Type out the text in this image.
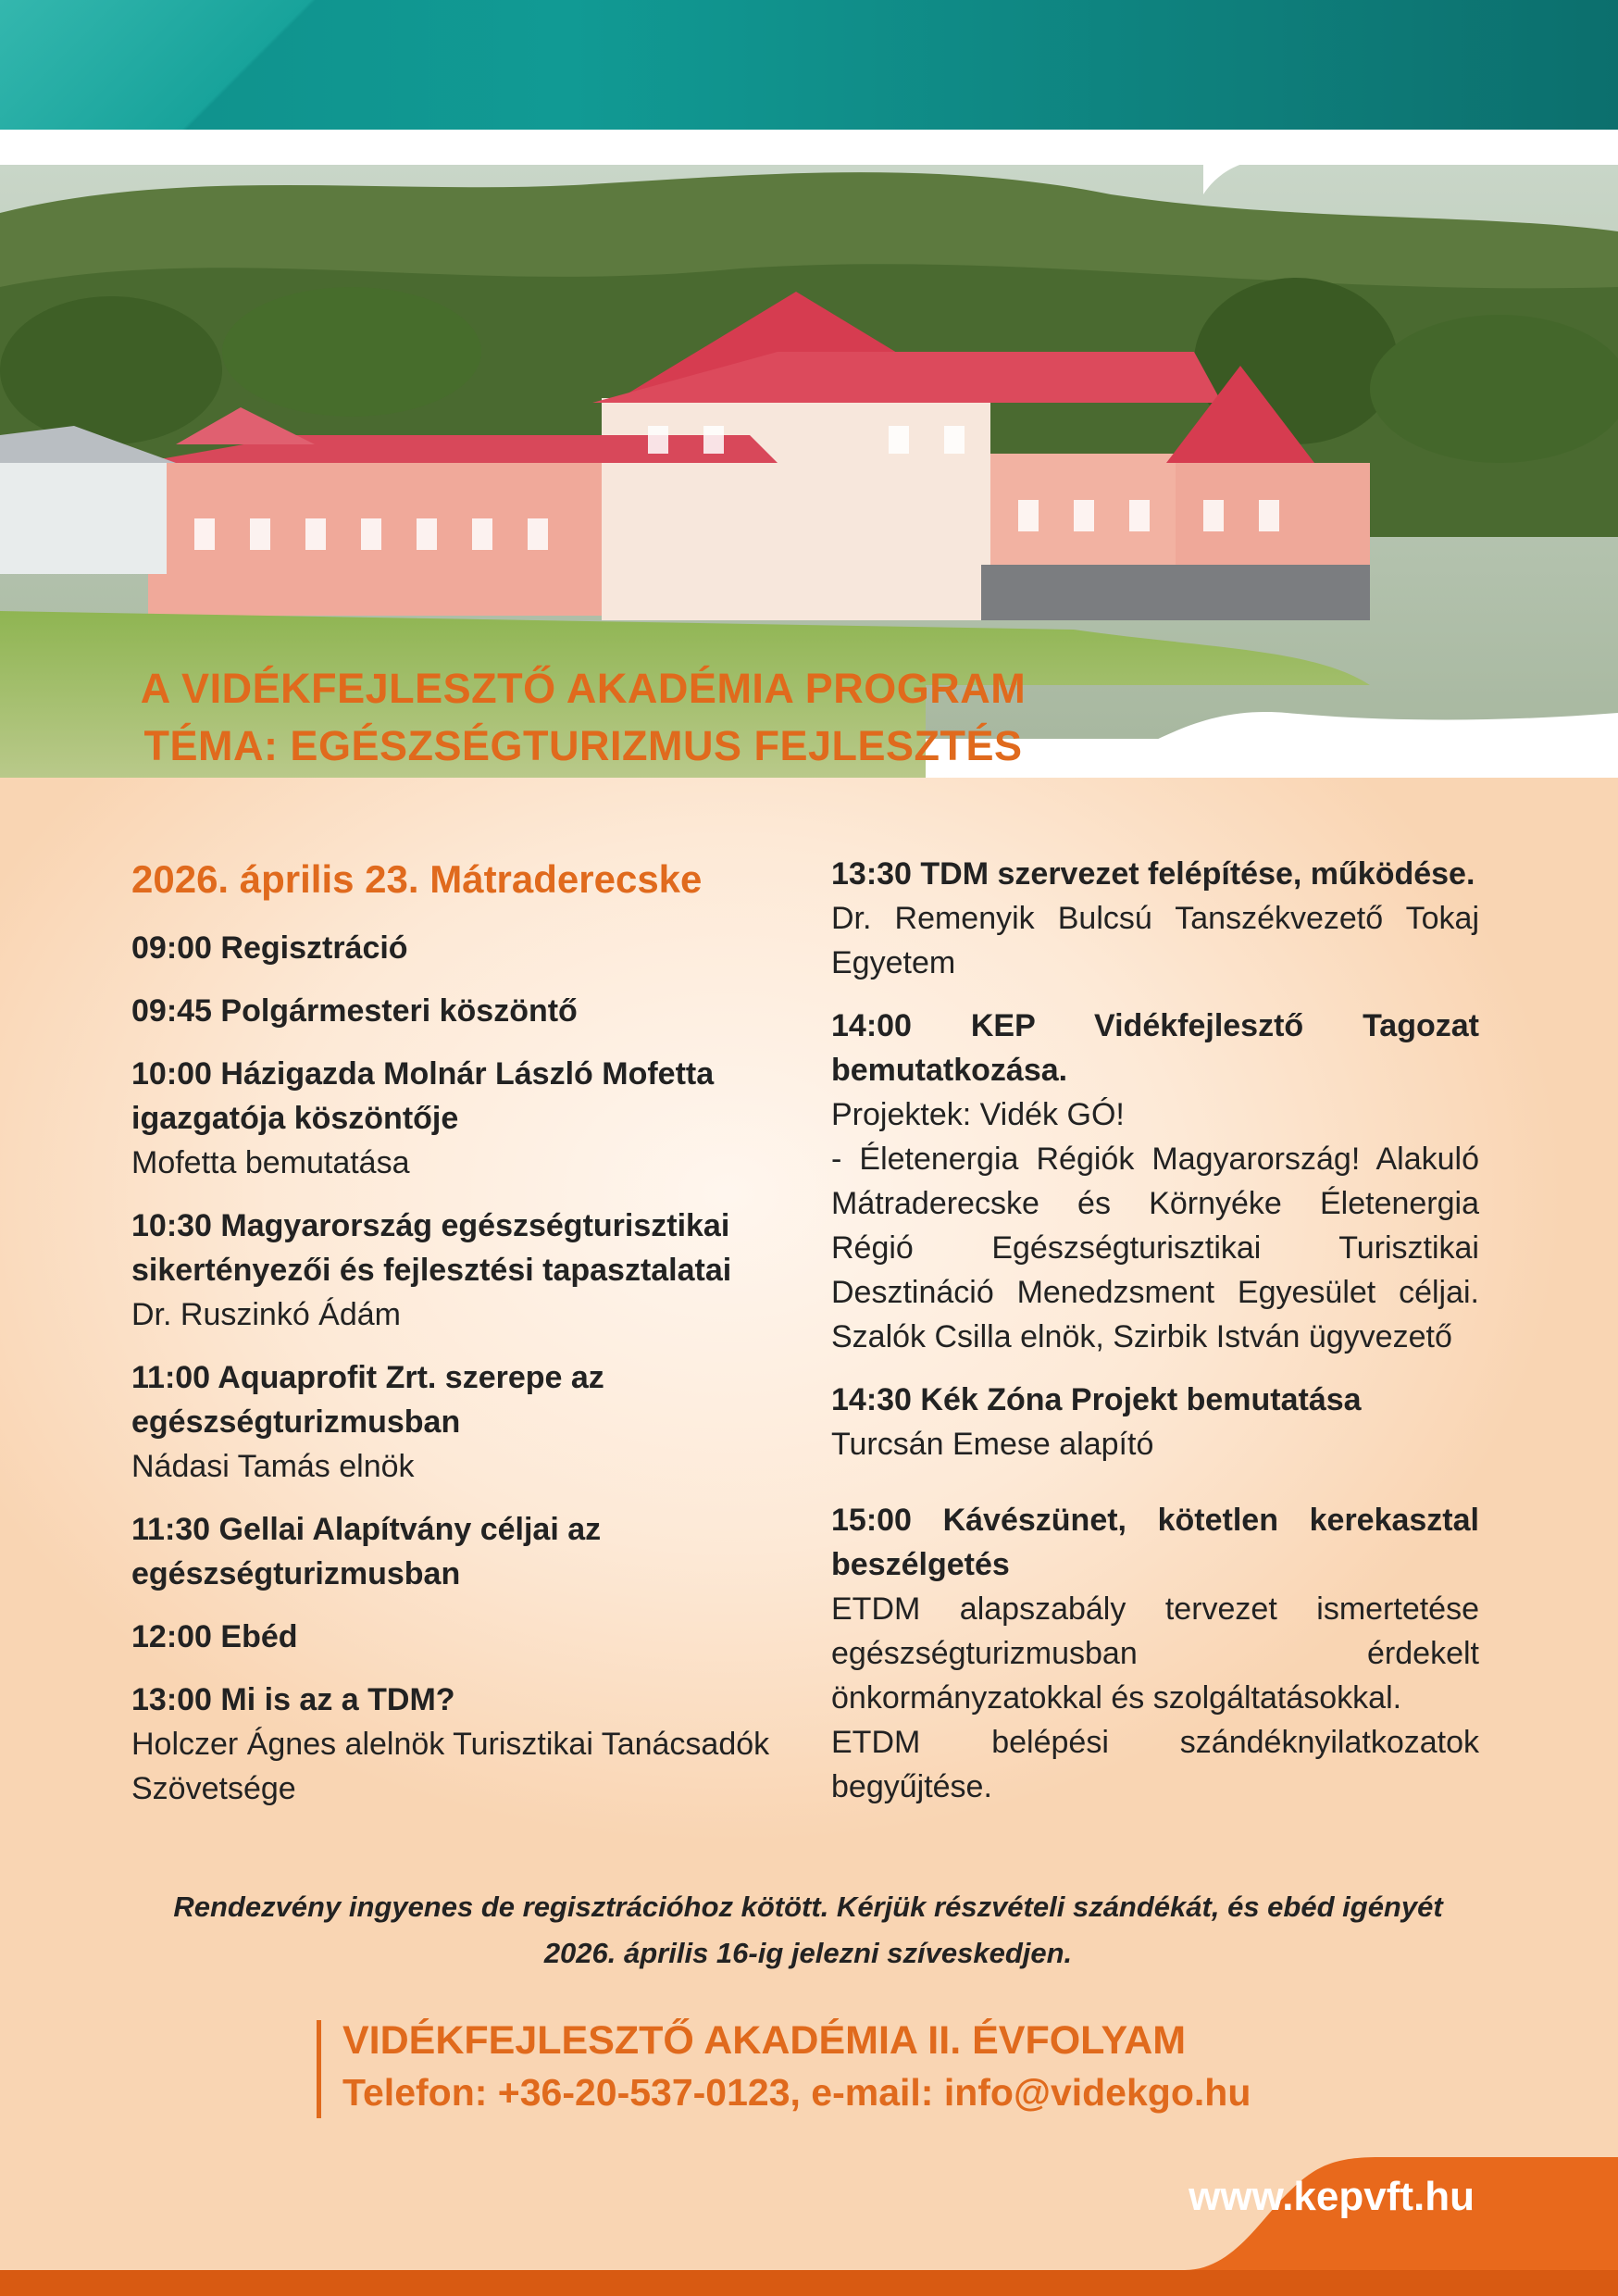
A VIDÉKFEJLESZTŐ AKADÉMIA PROGRAM
TÉMA: EGÉSZSÉGTURIZMUS FEJLESZTÉS
2026. április 23. Mátraderecske
09:00 Regisztráció
09:45 Polgármesteri köszöntő
10:00 Házigazda Molnár László Mofetta igazgatója köszöntője
Mofetta bemutatása
10:30 Magyarország egészségturisztikai sikertényezői és fejlesztési tapasztalatai
Dr. Ruszinkó Ádám
11:00 Aquaprofit Zrt. szerepe az egészségturizmusban
Nádasi Tamás elnök
11:30 Gellai Alapítvány céljai az egészségturizmusban
12:00 Ebéd
13:00 Mi is az a TDM?
Holczer Ágnes alelnök Turisztikai Tanácsadók Szövetsége
13:30 TDM szervezet felépítése, működése.
Dr. Remenyik Bulcsú Tanszékvezető Tokaj Egyetem
14:00 KEP Vidékfejlesztő Tagozat bemutatkozása.
Projektek: Vidék GÓ!
- Életenergia Régiók Magyarország! Alakuló Mátraderecske és Környéke Életenergia Régió Egészségturisztikai Turisztikai Desztináció Menedzsment Egyesület céljai. Szalók Csilla elnök, Szirbik István ügyvezető
14:30 Kék Zóna Projekt bemutatása
Turcsán Emese alapító
15:00 Kávészünet, kötetlen kerekasztal beszélgetés
ETDM alapszabály tervezet ismertetése egészségturizmusban érdekelt önkormányzatokkal és szolgáltatásokkal.
ETDM belépési szándéknyilatkozatok begyűjtése.
Rendezvény ingyenes de regisztrációhoz kötött. Kérjük részvételi szándékát, és ebéd igényét
2026. április 16-ig jelezni szíveskedjen.
VIDÉKFEJLESZTŐ AKADÉMIA II. ÉVFOLYAM
Telefon: +36-20-537-0123, e-mail: info@videkgo.hu
www.kepvft.hu
